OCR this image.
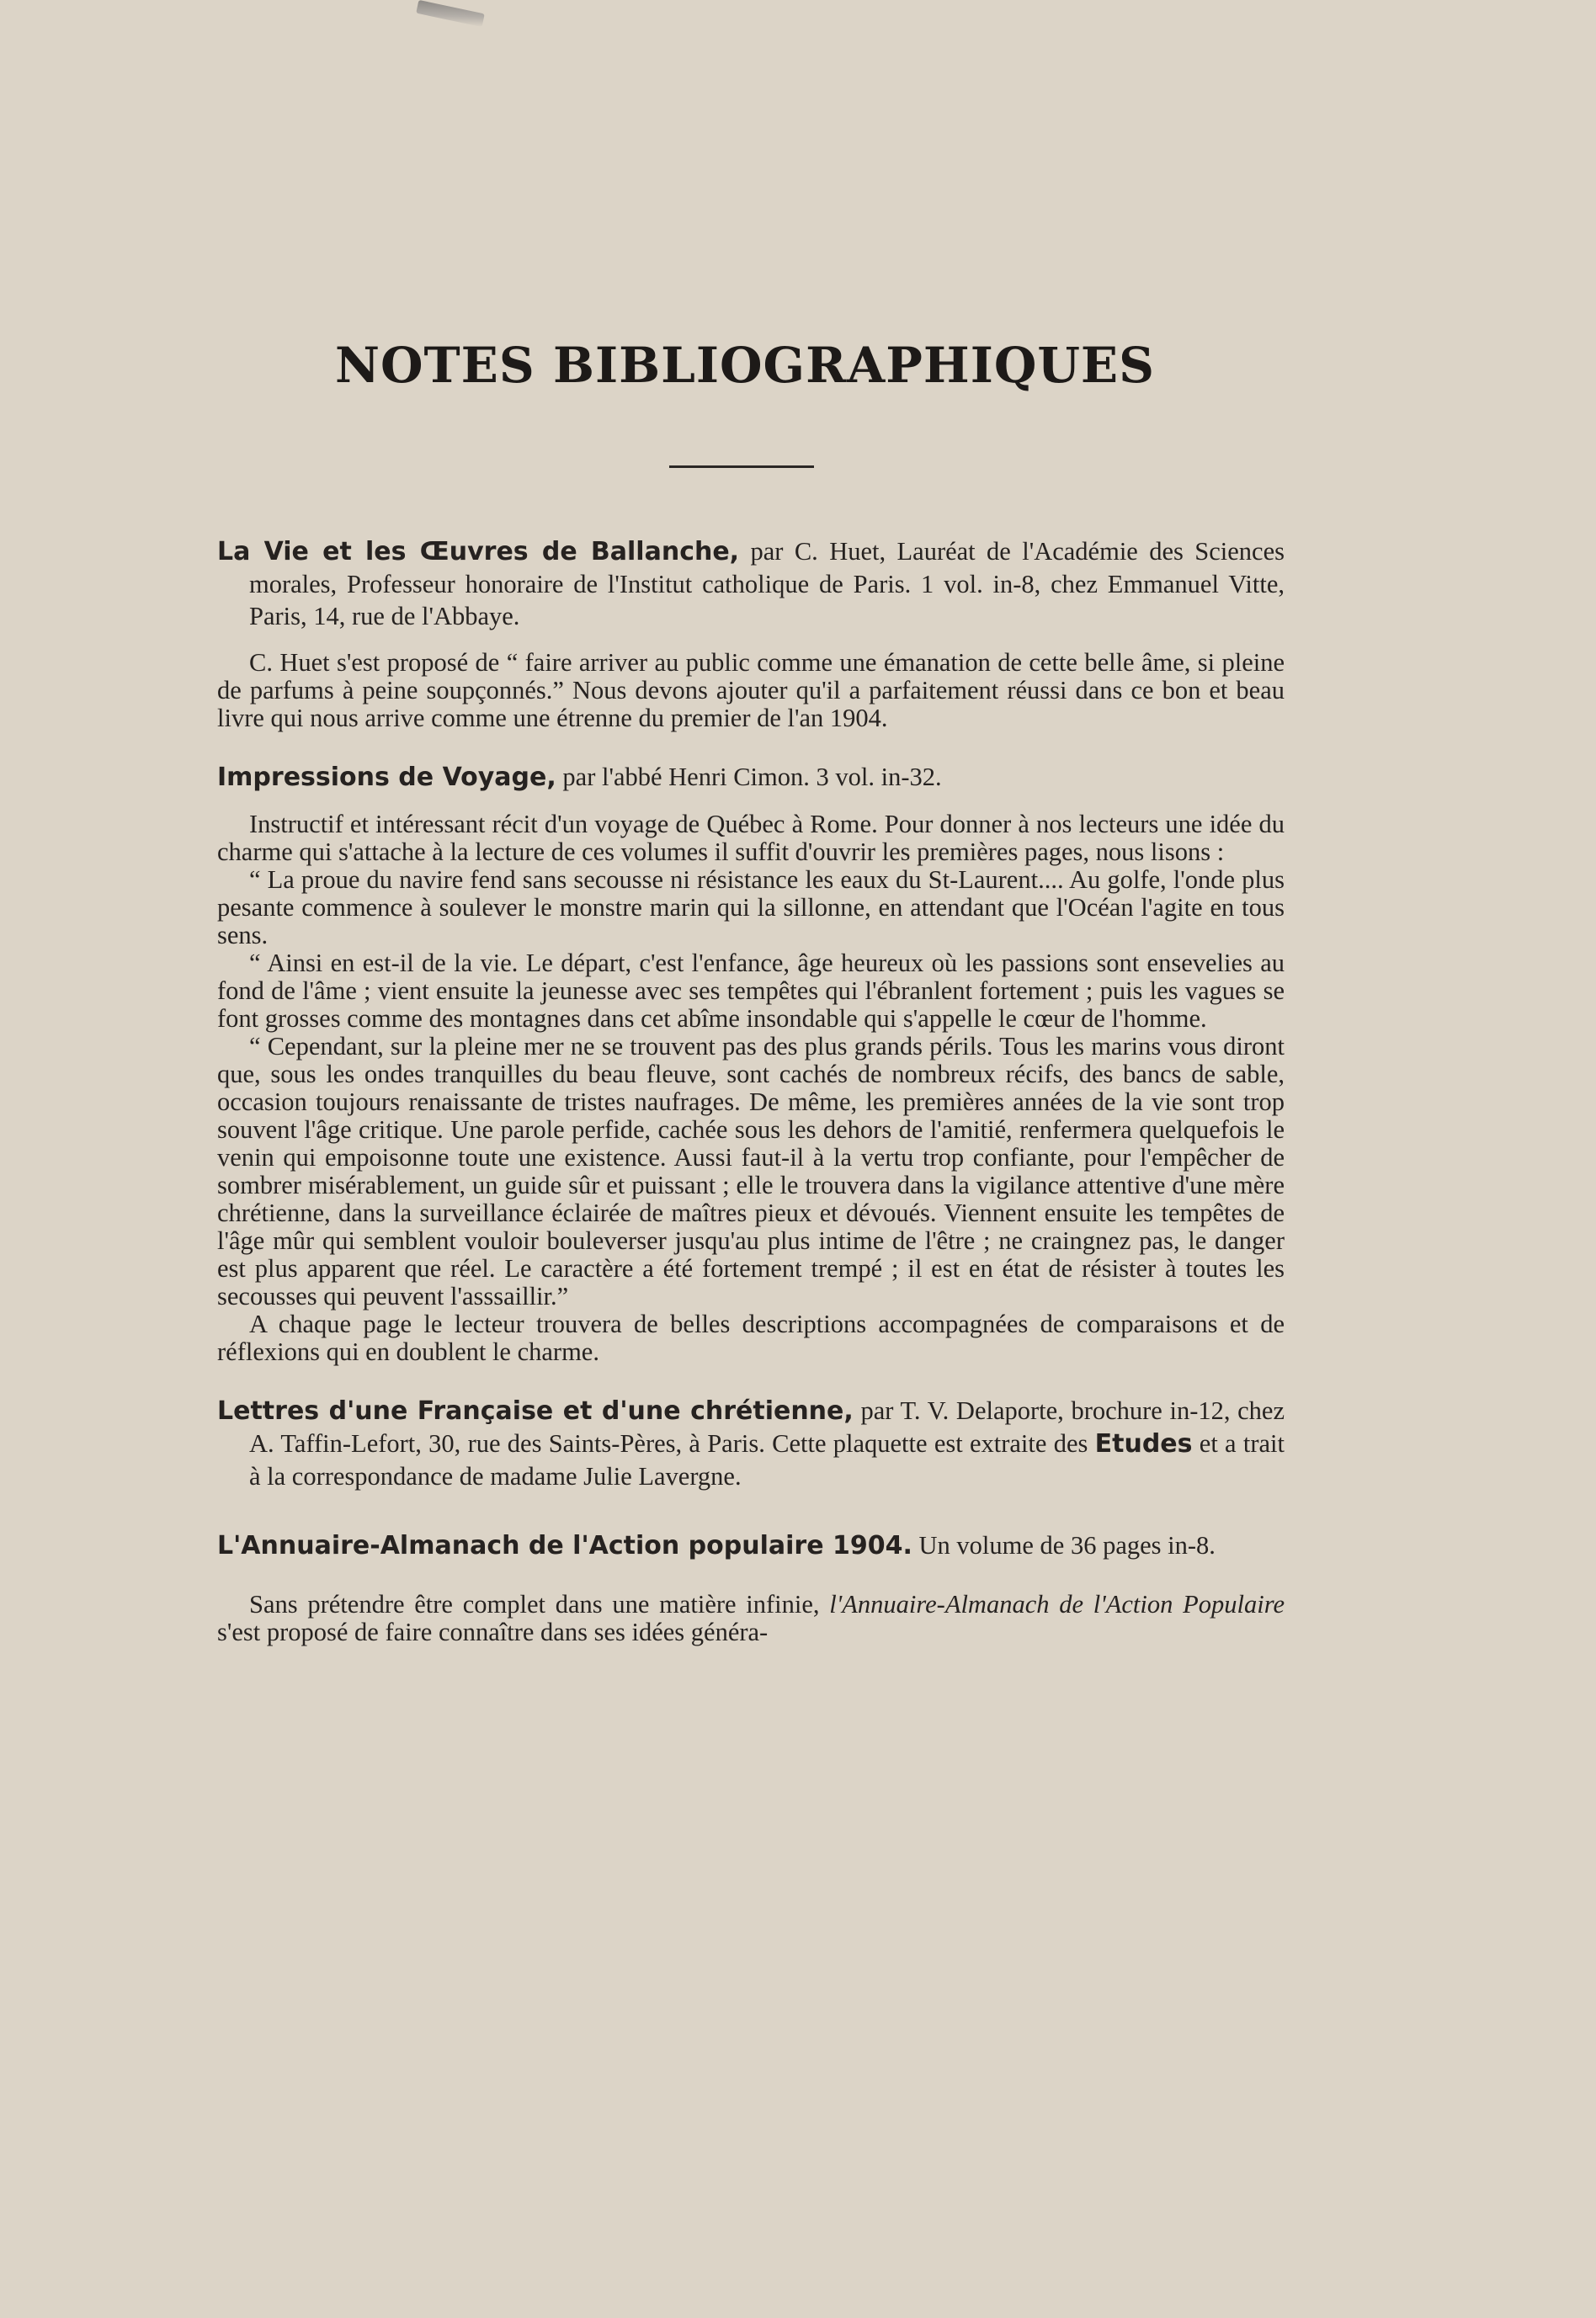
NOTES BIBLIOGRAPHIQUES

La Vie et les Œuvres de Ballanche, par C. Huet, Lauréat de l'Académie des Sciences morales, Professeur honoraire de l'Institut catholique de Paris. 1 vol. in-8, chez Emmanuel Vitte, Paris, 14, rue de l'Abbaye.

C. Huet s'est proposé de “ faire arriver au public comme une émanation de cette belle âme, si pleine de parfums à peine soupçonnés.” Nous devons ajouter qu'il a parfaitement réussi dans ce bon et beau livre qui nous arrive comme une étrenne du premier de l'an 1904.

Impressions de Voyage, par l'abbé Henri Cimon. 3 vol. in-32.

Instructif et intéressant récit d'un voyage de Québec à Rome. Pour donner à nos lecteurs une idée du charme qui s'attache à la lecture de ces volumes il suffit d'ouvrir les premières pages, nous lisons :

“ La proue du navire fend sans secousse ni résistance les eaux du St-Laurent.... Au golfe, l'onde plus pesante commence à soulever le monstre marin qui la sillonne, en attendant que l'Océan l'agite en tous sens.

“ Ainsi en est-il de la vie. Le départ, c'est l'enfance, âge heureux où les passions sont ensevelies au fond de l'âme ; vient ensuite la jeunesse avec ses tempêtes qui l'ébranlent fortement ; puis les vagues se font grosses comme des montagnes dans cet abîme insondable qui s'appelle le cœur de l'homme.

“ Cependant, sur la pleine mer ne se trouvent pas des plus grands périls. Tous les marins vous diront que, sous les ondes tranquilles du beau fleuve, sont cachés de nombreux récifs, des bancs de sable, occasion toujours renaissante de tristes naufrages. De même, les premières années de la vie sont trop souvent l'âge critique. Une parole perfide, cachée sous les dehors de l'amitié, renfermera quelquefois le venin qui empoisonne toute une existence. Aussi faut-il à la vertu trop confiante, pour l'empêcher de sombrer misérablement, un guide sûr et puissant ; elle le trouvera dans la vigilance attentive d'une mère chrétienne, dans la surveillance éclairée de maîtres pieux et dévoués. Viennent ensuite les tempêtes de l'âge mûr qui semblent vouloir bouleverser jusqu'au plus intime de l'être ; ne craingnez pas, le danger est plus apparent que réel. Le caractère a été fortement trempé ; il est en état de résister à toutes les secousses qui peuvent l'asssaillir.”

A chaque page le lecteur trouvera de belles descriptions accompagnées de comparaisons et de réflexions qui en doublent le charme.

Lettres d'une Française et d'une chrétienne, par T. V. Delaporte, brochure in-12, chez A. Taffin-Lefort, 30, rue des Saints-Pères, à Paris. Cette plaquette est extraite des Etudes et a trait à la correspondance de madame Julie Lavergne.

L'Annuaire-Almanach de l'Action populaire 1904. Un volume de 36 pages in-8.

Sans prétendre être complet dans une matière infinie, l'Annuaire-Almanach de l'Action Populaire s'est proposé de faire connaître dans ses idées généra-
